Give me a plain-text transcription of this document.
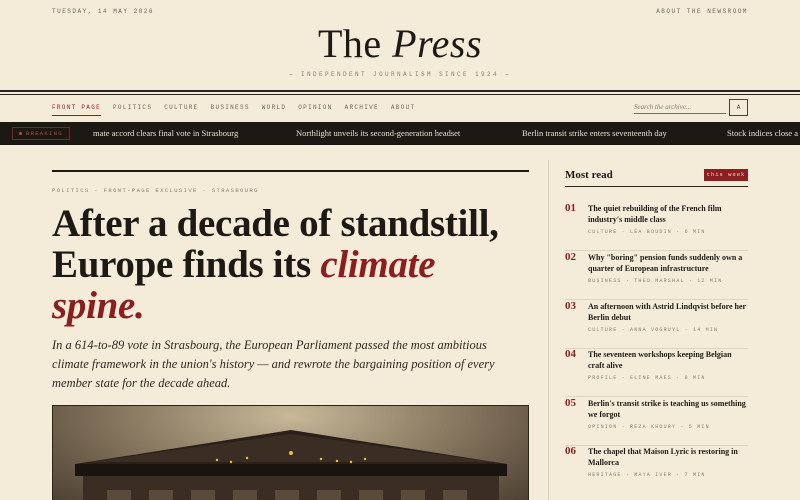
TUESDAY, 14 MAY 2026	ABOUT THE NEWSROOM
The Press
— INDEPENDENT JOURNALISM SINCE 1924 —
FRONT PAGE POLITICS CULTURE BUSINESS WORLD OPINION ARCHIVE ABOUT
Search the archive...	A
BREAKING	mate accord clears final vote in Strasbourg	Northlight unveils its second-generation headset	Berlin transit strike enters seventeenth day	Stock indices close a
POLITICS · FRONT-PAGE EXCLUSIVE · STRASBOURG
After a decade of standstill,
Europe finds its climate
spine.

In a 614-to-89 vote in Strasbourg, the European Parliament passed the most ambitious climate framework in the union's history — and rewrote the bargaining position of every member state for the decade ahead.

Most read	this week
01 The quiet rebuilding of the French film industry's middle class
CULTURE · LÉA BOUDIN · 6 MIN
02 Why "boring" pension funds suddenly own a quarter of European infrastructure
BUSINESS · THEO MARSHAL · 12 MIN
03 An afternoon with Astrid Lindqvist before her Berlin debut
CULTURE · ANNA VOGRUYL · 14 MIN
04 The seventeen workshops keeping Belgian craft alive
PROFILE · ELINE MAES · 8 MIN
05 Berlin's transit strike is teaching us something we forgot
OPINION · REZA KHOURY · 5 MIN
06 The chapel that Maison Lyric is restoring in Mallorca
HERITAGE · MAYA IVER · 7 MIN
